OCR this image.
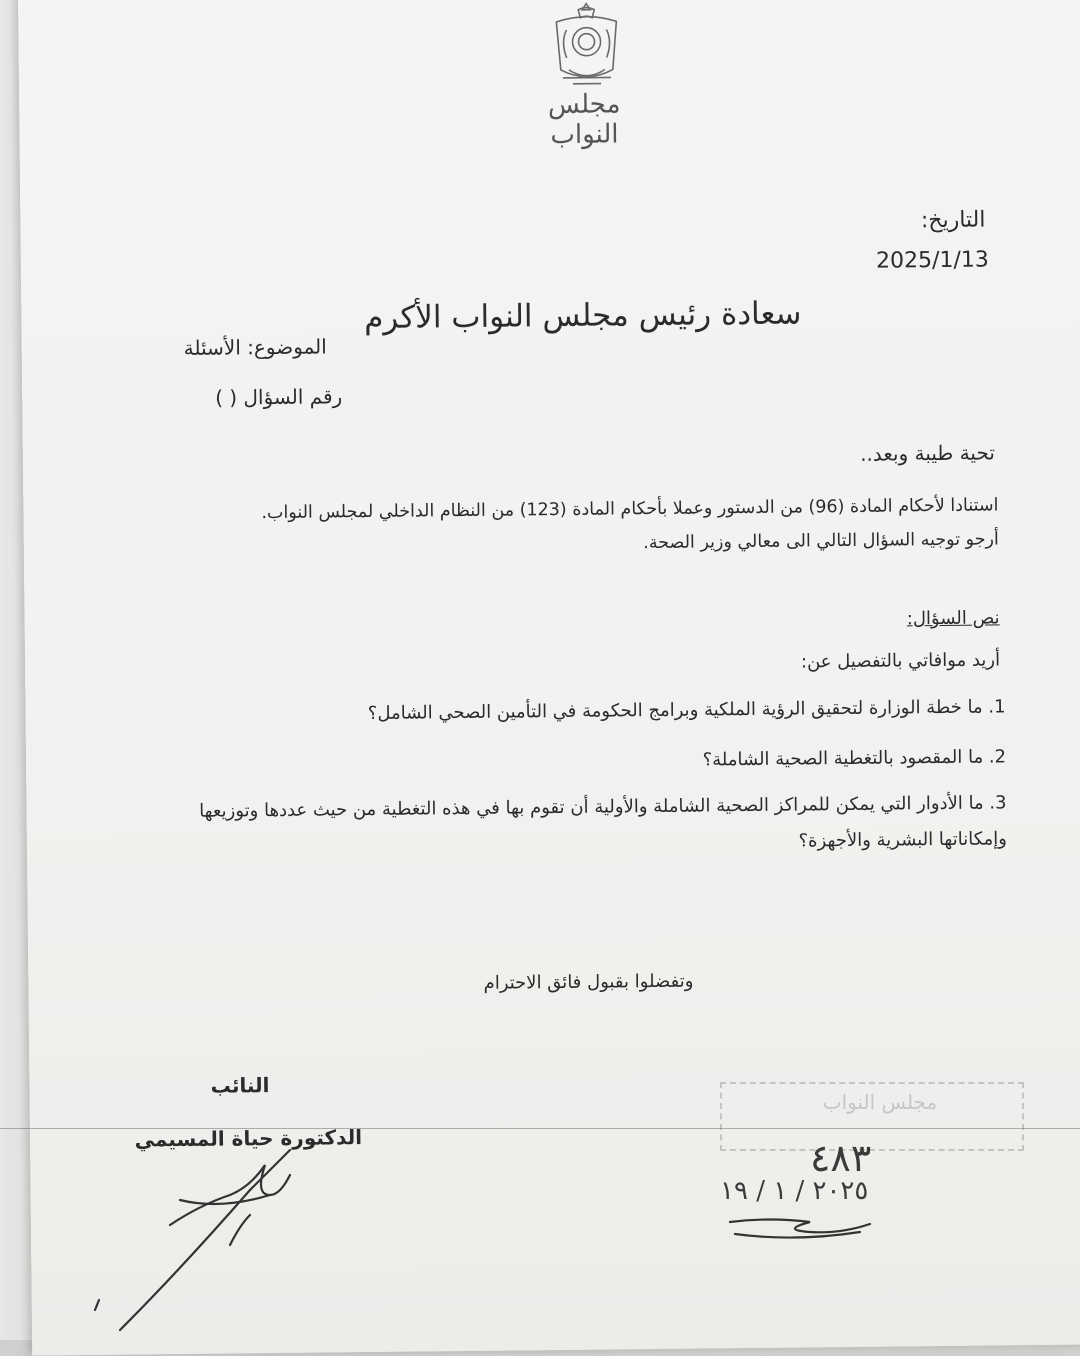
مجلس النواب
التاريخ:
2025/1/13
سعادة رئيس مجلس النواب الأكرم
الموضوع: الأسئلة
رقم السؤال ( )
تحية طيبة وبعد..
استنادا لأحكام المادة (96) من الدستور وعملا بأحكام المادة (123) من النظام الداخلي لمجلس النواب.
أرجو توجيه السؤال التالي الى معالي وزير الصحة.
نص السؤال:
أريد موافاتي بالتفصيل عن:
1. ما خطة الوزارة لتحقيق الرؤية الملكية وبرامج الحكومة في التأمين الصحي الشامل؟
2. ما المقصود بالتغطية الصحية الشاملة؟
3. ما الأدوار التي يمكن للمراكز الصحية الشاملة والأولية أن تقوم بها في هذه التغطية من حيث عددها وتوزيعها وإمكاناتها البشرية والأجهزة؟
وتفضلوا بقبول فائق الاحترام
النائب
الدكتورة حياة المسيمي
مجلس النواب
٤٨٣
٢٠٢٥ / ١ / ١٩
